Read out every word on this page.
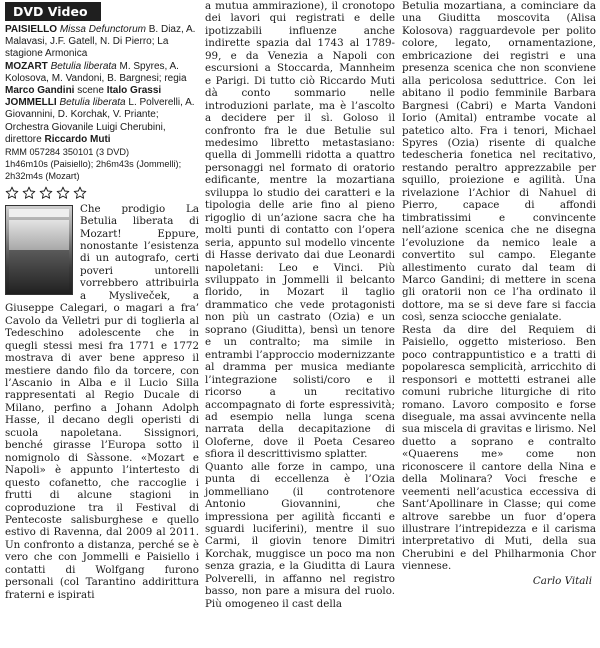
DVD Video
PAISIELLO Missa Defunctorum B. Diaz, A. Malavasi, J.F. Gatell, N. Di Pierro; La stagione Armonica
MOZART Betulia liberata M. Spyres, A. Kolosova, M. Vandoni, B. Bargnesi; regia Marco Gandini scene Italo Grassi
JOMMELLI Betulia liberata L. Polverelli, A. Giovannini, D. Korchak, V. Priante; Orchestra Giovanile Luigi Cherubini, direttore Riccardo Muti
RMM 057284 350101 (3 DVD)
1h46m10s (Paisiello); 2h6m43s (Jommelli); 2h32m4s (Mozart)

Che prodigio La Betulia liberata di Mozart! Eppure, nonostante l’esistenza di un autografo, certi poveri untorelli vorrebbero attribuirla a Mysliveček, a Giuseppe Calegari, o magari a fra’ Cavolo da Velletri pur di toglierla al Tedeschino adolescente che in quegli stessi mesi fra 1771 e 1772 mostrava di aver bene appreso il mestiere dando filo da torcere, con l’Ascanio in Alba e il Lucio Silla rappresentati al Regio Ducale di Milano, perfino a Johann Adolph Hasse, il decano degli operisti di scuola napoletana. Sissignori, benché girasse l’Europa sotto il nomignolo di Sàssone. «Mozart e Napoli» è appunto l’intertesto di questo cofanetto, che raccoglie i frutti di alcune stagioni in coproduzione tra il Festival di Pentecoste salisburghese e quello estivo di Ravenna, dal 2009 al 2011. Un confronto a distanza, perché se è vero che con Jommelli e Paisiello i contatti di Wolfgang furono personali (col Tarantino addirittura fraterni e ispirati

a mutua ammirazione), il cronotopo dei lavori qui registrati e delle ipotizzabili influenze anche indirette spazia dal 1743 al 1789-99, e da Venezia a Napoli con escursioni a Stoccarda, Mannheim e Parigi. Di tutto ciò Riccardo Muti dà conto sommario nelle introduzioni parlate, ma è l’ascolto a decidere per il sì. Goloso il confronto fra le due Betulie sul medesimo libretto metastasiano: quella di Jommelli ridotta a quattro personaggi nel formato di oratorio edificante, mentre la mozartiana sviluppa lo studio dei caratteri e la tipologia delle arie fino al pieno rigoglio di un’azione sacra che ha molti punti di contatto con l’opera seria, appunto sul modello vincente di Hasse derivato dai due Leonardi napoletani: Leo e Vinci. Più sviluppato in Jommelli il belcanto florido, in Mozart il taglio drammatico che vede protagonisti non più un castrato (Ozia) e un soprano (Giuditta), bensì un tenore e un contralto; ma simile in entrambi l’approccio modernizzante al dramma per musica mediante l’integrazione solisti/coro e il ricorso a un recitativo accompagnato di forte espressività; ad esempio nella lunga scena narrata della decapitazione di Oloferne, dove il Poeta Cesareo sfiora il descrittivismo splatter.

Quanto alle forze in campo, una punta di eccellenza è l’Ozia jommelliano (il controtenore Antonio Giovannini, che impressiona per agilità ficcanti e sguardi luciferini), mentre il suo Carmi, il giovin tenore Dimitri Korchak, muggisce un poco ma non senza grazia, e la Giuditta di Laura Polverelli, in affanno nel registro basso, non pare a misura del ruolo. Più omogeneo il cast della

Betulia mozartiana, a cominciare da una Giuditta moscovita (Alisa Kolosova) ragguardevole per polito colore, legato, ornamentazione, embricazione dei registri e una presenza scenica che non sconviene alla pericolosa seduttrice. Con lei abitano il podio femminile Barbara Bargnesi (Cabri) e Marta Vandoni Iorio (Amital) entrambe vocate al patetico alto. Fra i tenori, Michael Spyres (Ozia) risente di qualche tedescheria fonetica nel recitativo, restando peraltro apprezzabile per squillo, proiezione e agilità. Una rivelazione l’Achior di Nahuel di Pierro, capace di affondi timbratissimi e convincente nell’azione scenica che ne disegna l’evoluzione da nemico leale a convertito sul campo. Elegante allestimento curato dal team di Marco Gandini; di mettere in scena gli oratorii non ce l’ha ordinato il dottore, ma se si deve fare si faccia così, senza sciocche genialate.

Resta da dire del Requiem di Paisiello, oggetto misterioso. Ben poco contrappuntistico e a tratti di popolaresca semplicità, arricchito di responsori e mottetti estranei alle comuni rubriche liturgiche di rito romano. Lavoro composito e forse diseguale, ma assai avvincente nella sua miscela di gravitas e lirismo. Nel duetto a soprano e contralto «Quaerens me» come non riconoscere il cantore della Nina e della Molinara? Voci fresche e veementi nell’acustica eccessiva di Sant’Apollinare in Classe; qui come altrove sarebbe un fuor d’opera illustrare l’intrepidezza e il carisma interpretativo di Muti, della sua Cherubini e del Philharmonia Chor viennese.

Carlo Vitali
